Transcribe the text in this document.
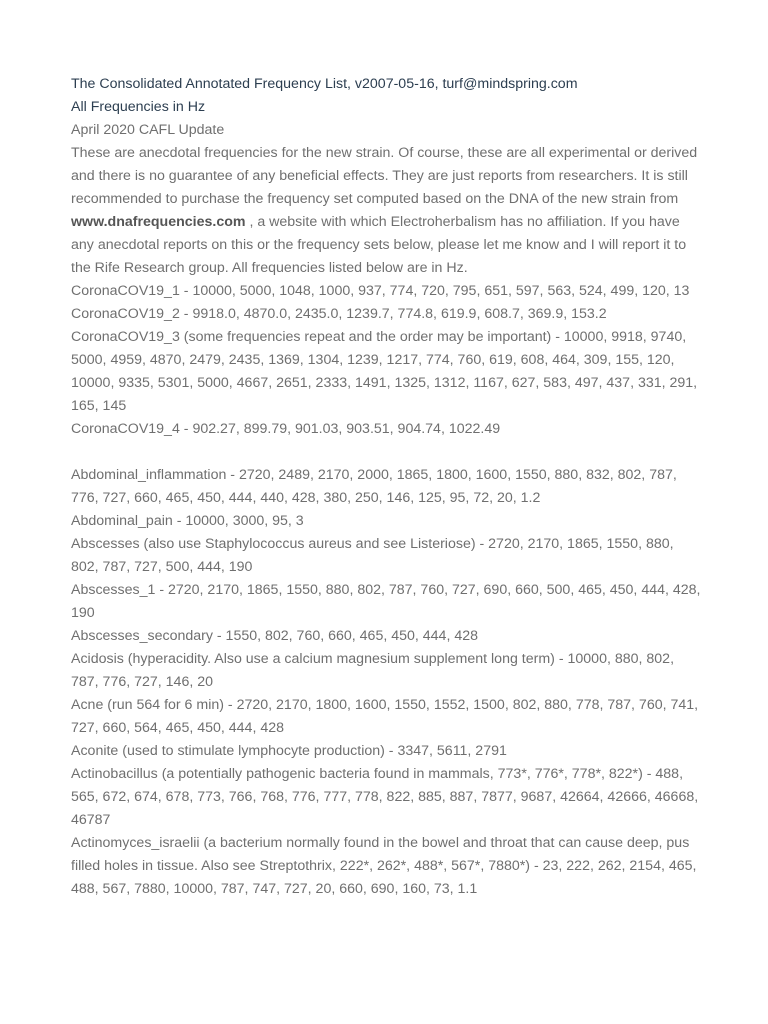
The Consolidated Annotated Frequency List, v2007-05-16, turf@mindspring.com

All Frequencies in Hz

April 2020 CAFL Update

These are anecdotal frequencies for the new strain. Of course, these are all experimental or derived and there is no guarantee of any beneficial effects. They are just reports from researchers. It is still recommended to purchase the frequency set computed based on the DNA of the new strain from www.dnafrequencies.com , a website with which Electroherbalism has no affiliation. If you have any anecdotal reports on this or the frequency sets below, please let me know and I will report it to the Rife Research group. All frequencies listed below are in Hz.

CoronaCOV19_1 - 10000, 5000, 1048, 1000, 937, 774, 720, 795, 651, 597, 563, 524, 499, 120, 13

CoronaCOV19_2 - 9918.0, 4870.0, 2435.0, 1239.7, 774.8, 619.9, 608.7, 369.9, 153.2

CoronaCOV19_3 (some frequencies repeat and the order may be important) - 10000, 9918, 9740, 5000, 4959, 4870, 2479, 2435, 1369, 1304, 1239, 1217, 774, 760, 619, 608, 464, 309, 155, 120, 10000, 9335, 5301, 5000, 4667, 2651, 2333, 1491, 1325, 1312, 1167, 627, 583, 497, 437, 331, 291, 165, 145

CoronaCOV19_4 - 902.27, 899.79, 901.03, 903.51, 904.74, 1022.49

Abdominal_inflammation - 2720, 2489, 2170, 2000, 1865, 1800, 1600, 1550, 880, 832, 802, 787, 776, 727, 660, 465, 450, 444, 440, 428, 380, 250, 146, 125, 95, 72, 20, 1.2

Abdominal_pain - 10000, 3000, 95, 3

Abscesses (also use Staphylococcus aureus and see Listeriose) - 2720, 2170, 1865, 1550, 880, 802, 787, 727, 500, 444, 190

Abscesses_1 - 2720, 2170, 1865, 1550, 880, 802, 787, 760, 727, 690, 660, 500, 465, 450, 444, 428, 190

Abscesses_secondary - 1550, 802, 760, 660, 465, 450, 444, 428

Acidosis (hyperacidity. Also use a calcium magnesium supplement long term) - 10000, 880, 802, 787, 776, 727, 146, 20

Acne (run 564 for 6 min) - 2720, 2170, 1800, 1600, 1550, 1552, 1500, 802, 880, 778, 787, 760, 741, 727, 660, 564, 465, 450, 444, 428

Aconite (used to stimulate lymphocyte production) - 3347, 5611, 2791

Actinobacillus (a potentially pathogenic bacteria found in mammals, 773*, 776*, 778*, 822*) - 488, 565, 672, 674, 678, 773, 766, 768, 776, 777, 778, 822, 885, 887, 7877, 9687, 42664, 42666, 46668, 46787

Actinomyces_israelii (a bacterium normally found in the bowel and throat that can cause deep, pus filled holes in tissue. Also see Streptothrix, 222*, 262*, 488*, 567*, 7880*) - 23, 222, 262, 2154, 465, 488, 567, 7880, 10000, 787, 747, 727, 20, 660, 690, 160, 73, 1.1
